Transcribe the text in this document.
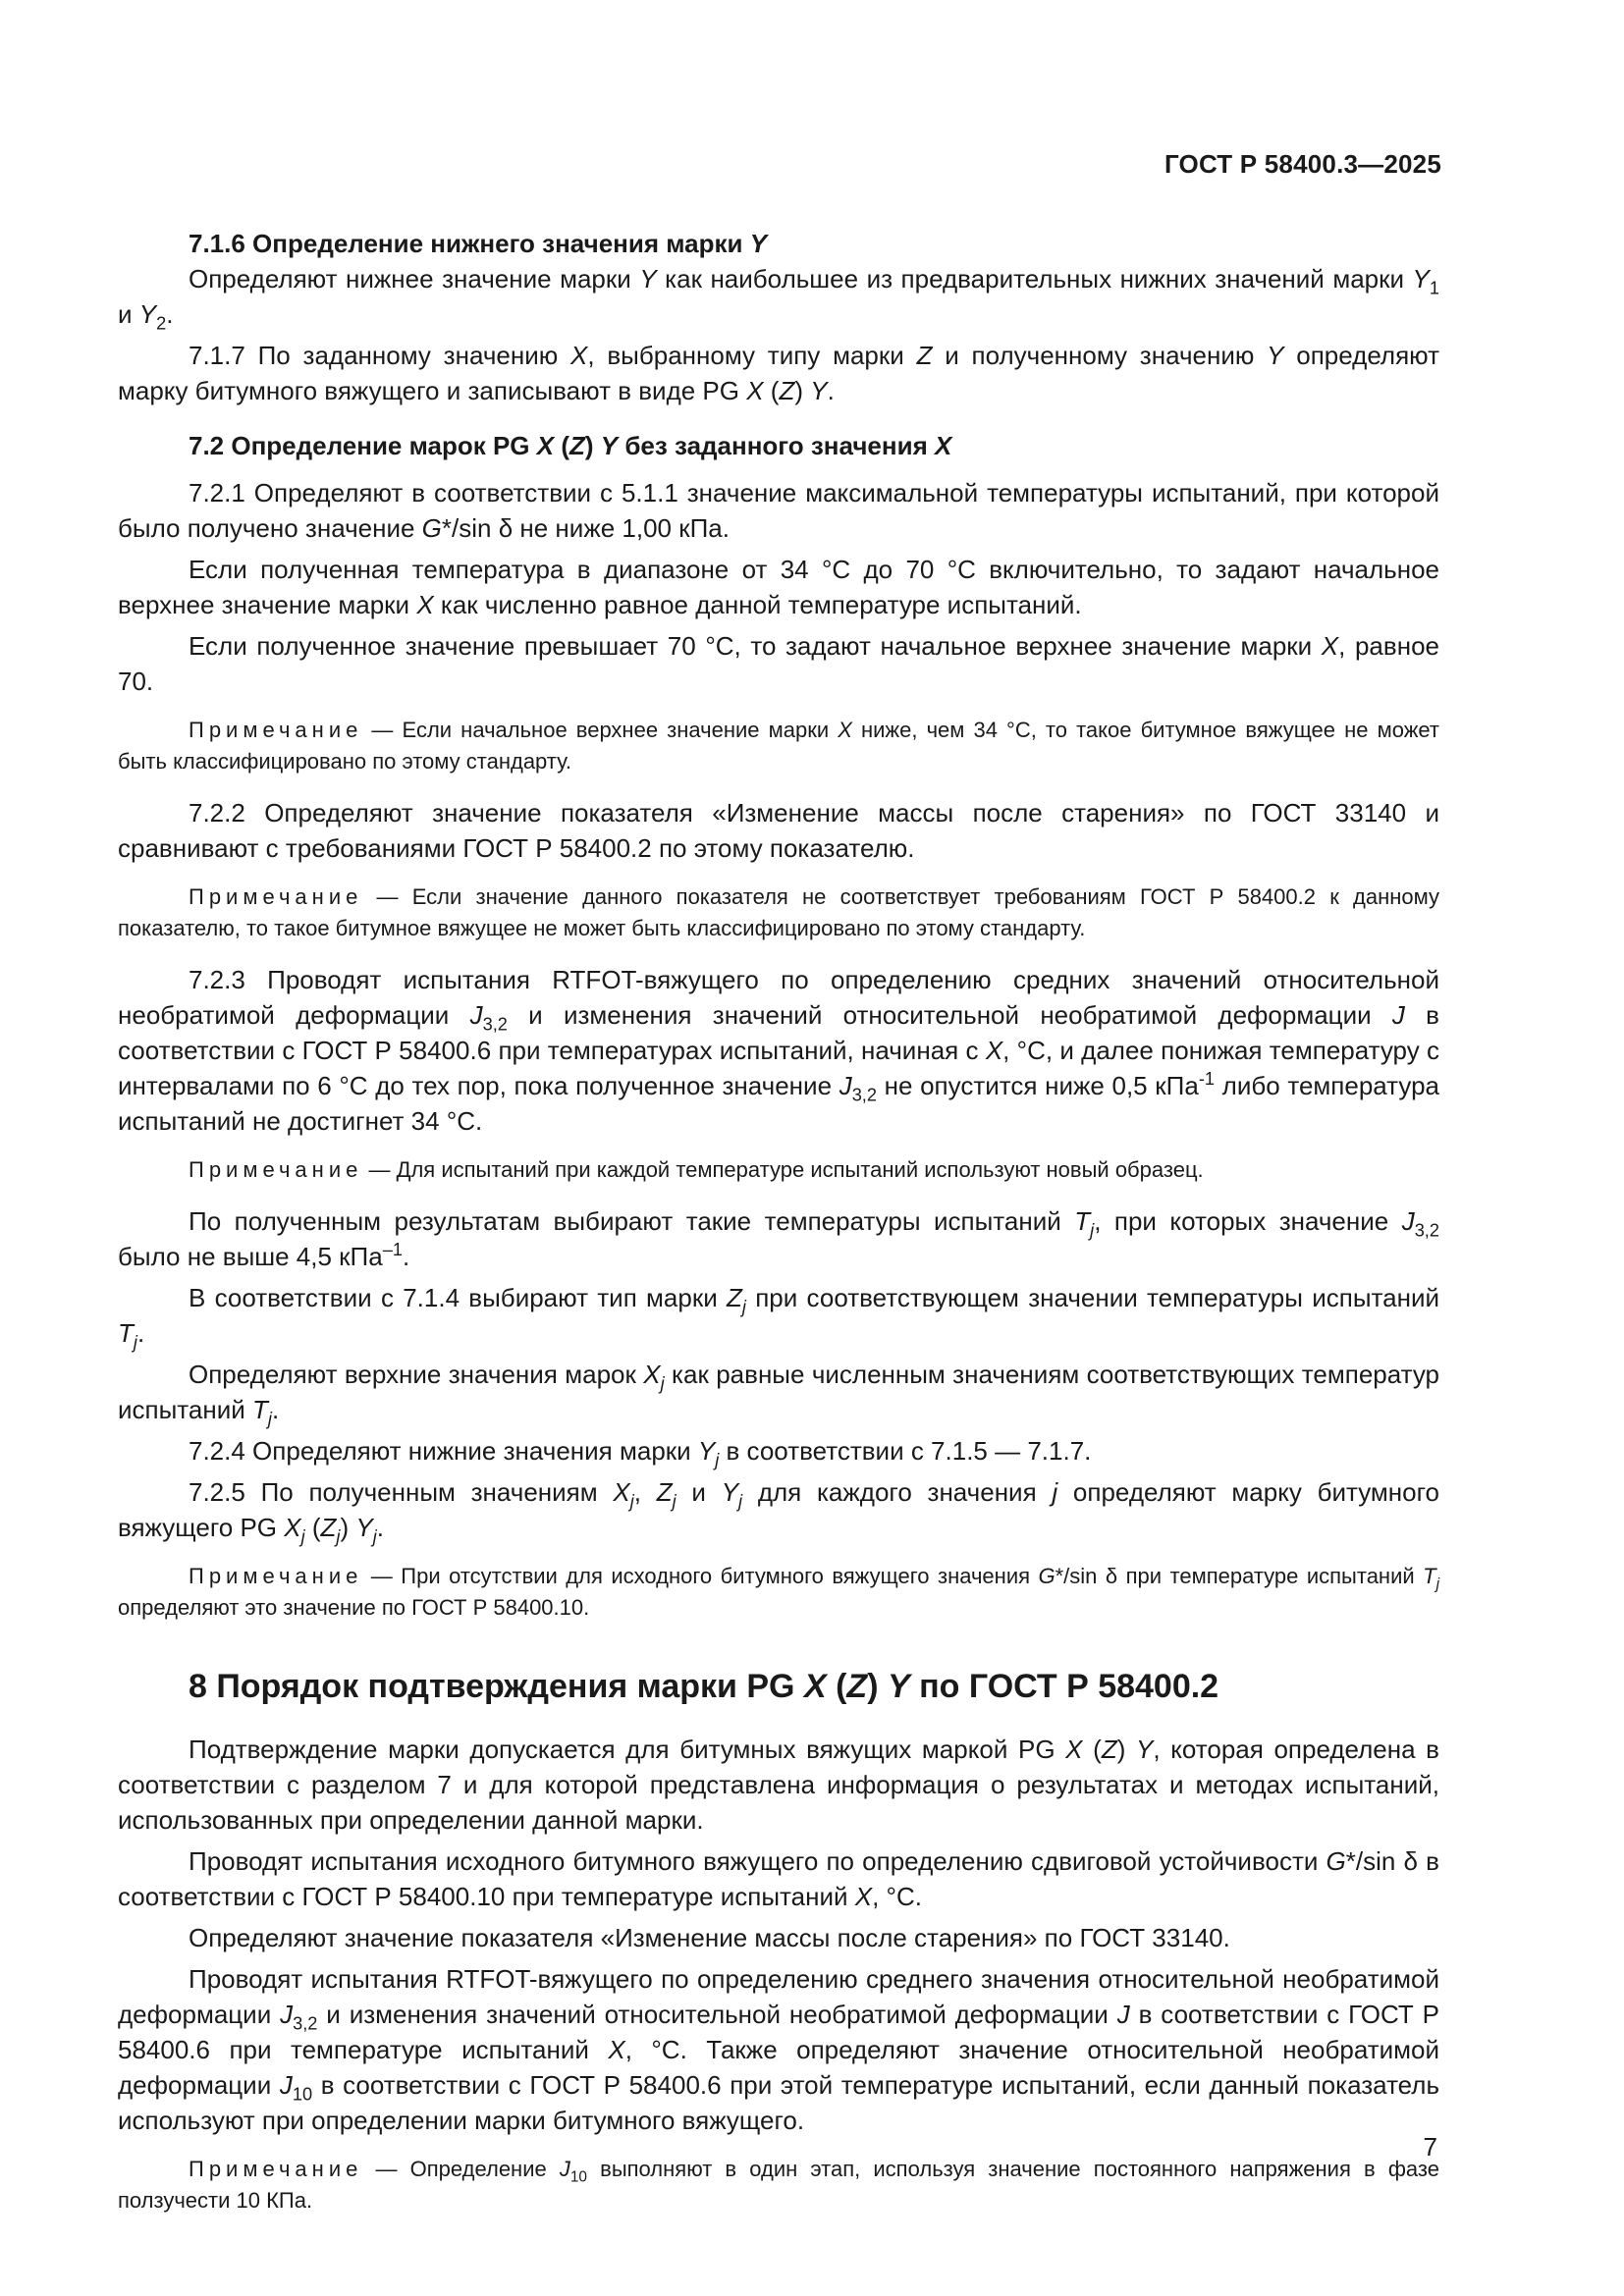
ГОСТ Р 58400.3—2025

7.1.6 Определение нижнего значения марки Y

Определяют нижнее значение марки Y как наибольшее из предварительных нижних значений марки $Y_1$ и $Y_2$.

7.1.7 По заданному значению X, выбранному типу марки Z и полученному значению Y определяют марку битумного вяжущего и записывают в виде PG X (Z) Y.

7.2 Определение марок PG X (Z) Y без заданного значения X

7.2.1 Определяют в соответствии с 5.1.1 значение максимальной температуры испытаний, при которой было получено значение G*/sin δ не ниже 1,00 кПа.

Если полученная температура в диапазоне от 34 °С до 70 °С включительно, то задают начальное верхнее значение марки X как численно равное данной температуре испытаний.

Если полученное значение превышает 70 °С, то задают начальное верхнее значение марки X, равное 70.

Примечание — Если начальное верхнее значение марки X ниже, чем 34 °С, то такое битумное вяжущее не может быть классифицировано по этому стандарту.

7.2.2 Определяют значение показателя «Изменение массы после старения» по ГОСТ 33140 и сравнивают с требованиями ГОСТ Р 58400.2 по этому показателю.

Примечание — Если значение данного показателя не соответствует требованиям ГОСТ Р 58400.2 к данному показателю, то такое битумное вяжущее не может быть классифицировано по этому стандарту.

7.2.3 Проводят испытания RTFOT-вяжущего по определению средних значений относительной необратимой деформации $J_{3,2}$ и изменения значений относительной необратимой деформации J в соответствии с ГОСТ Р 58400.6 при температурах испытаний, начиная с X, °С, и далее понижая температуру с интервалами по 6 °С до тех пор, пока полученное значение $J_{3,2}$ не опустится ниже 0,5 кПа$^{-1}$ либо температура испытаний не достигнет 34 °С.

Примечание — Для испытаний при каждой температуре испытаний используют новый образец.

По полученным результатам выбирают такие температуры испытаний $T_j$, при которых значение $J_{3,2}$ было не выше 4,5 кПа$^{-1}$.

В соответствии с 7.1.4 выбирают тип марки $Z_j$ при соответствующем значении температуры испытаний $T_j$.

Определяют верхние значения марок $X_j$ как равные численным значениям соответствующих температур испытаний $T_j$.

7.2.4 Определяют нижние значения марки $Y_j$ в соответствии с 7.1.5 — 7.1.7.

7.2.5 По полученным значениям $X_j$, $Z_j$ и $Y_j$ для каждого значения j определяют марку битумного вяжущего PG $X_j$ $(Z_j)$ $Y_j$.

Примечание — При отсутствии для исходного битумного вяжущего значения G*/sin δ при температуре испытаний $T_j$ определяют это значение по ГОСТ Р 58400.10.

8 Порядок подтверждения марки PG X (Z) Y по ГОСТ Р 58400.2

Подтверждение марки допускается для битумных вяжущих маркой PG X (Z) Y, которая определена в соответствии с разделом 7 и для которой представлена информация о результатах и методах испытаний, использованных при определении данной марки.

Проводят испытания исходного битумного вяжущего по определению сдвиговой устойчивости G*/sin δ в соответствии с ГОСТ Р 58400.10 при температуре испытаний X, °С.

Определяют значение показателя «Изменение массы после старения» по ГОСТ 33140.

Проводят испытания RTFOT-вяжущего по определению среднего значения относительной необратимой деформации $J_{3,2}$ и изменения значений относительной необратимой деформации J в соответствии с ГОСТ Р 58400.6 при температуре испытаний X, °С. Также определяют значение относительной необратимой деформации $J_{10}$ в соответствии с ГОСТ Р 58400.6 при этой температуре испытаний, если данный показатель используют при определении марки битумного вяжущего.

Примечание — Определение $J_{10}$ выполняют в один этап, используя значение постоянного напряжения в фазе ползучести 10 КПа.

7
